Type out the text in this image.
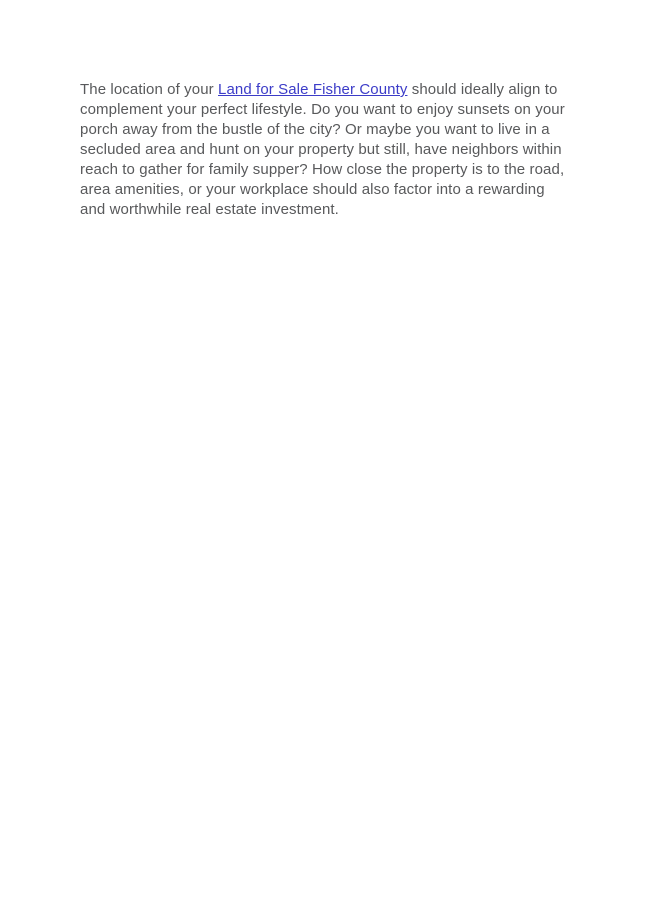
The location of your Land for Sale Fisher County should ideally align to complement your perfect lifestyle. Do you want to enjoy sunsets on your porch away from the bustle of the city? Or maybe you want to live in a secluded area and hunt on your property but still, have neighbors within reach to gather for family supper? How close the property is to the road, area amenities, or your workplace should also factor into a rewarding and worthwhile real estate investment.
